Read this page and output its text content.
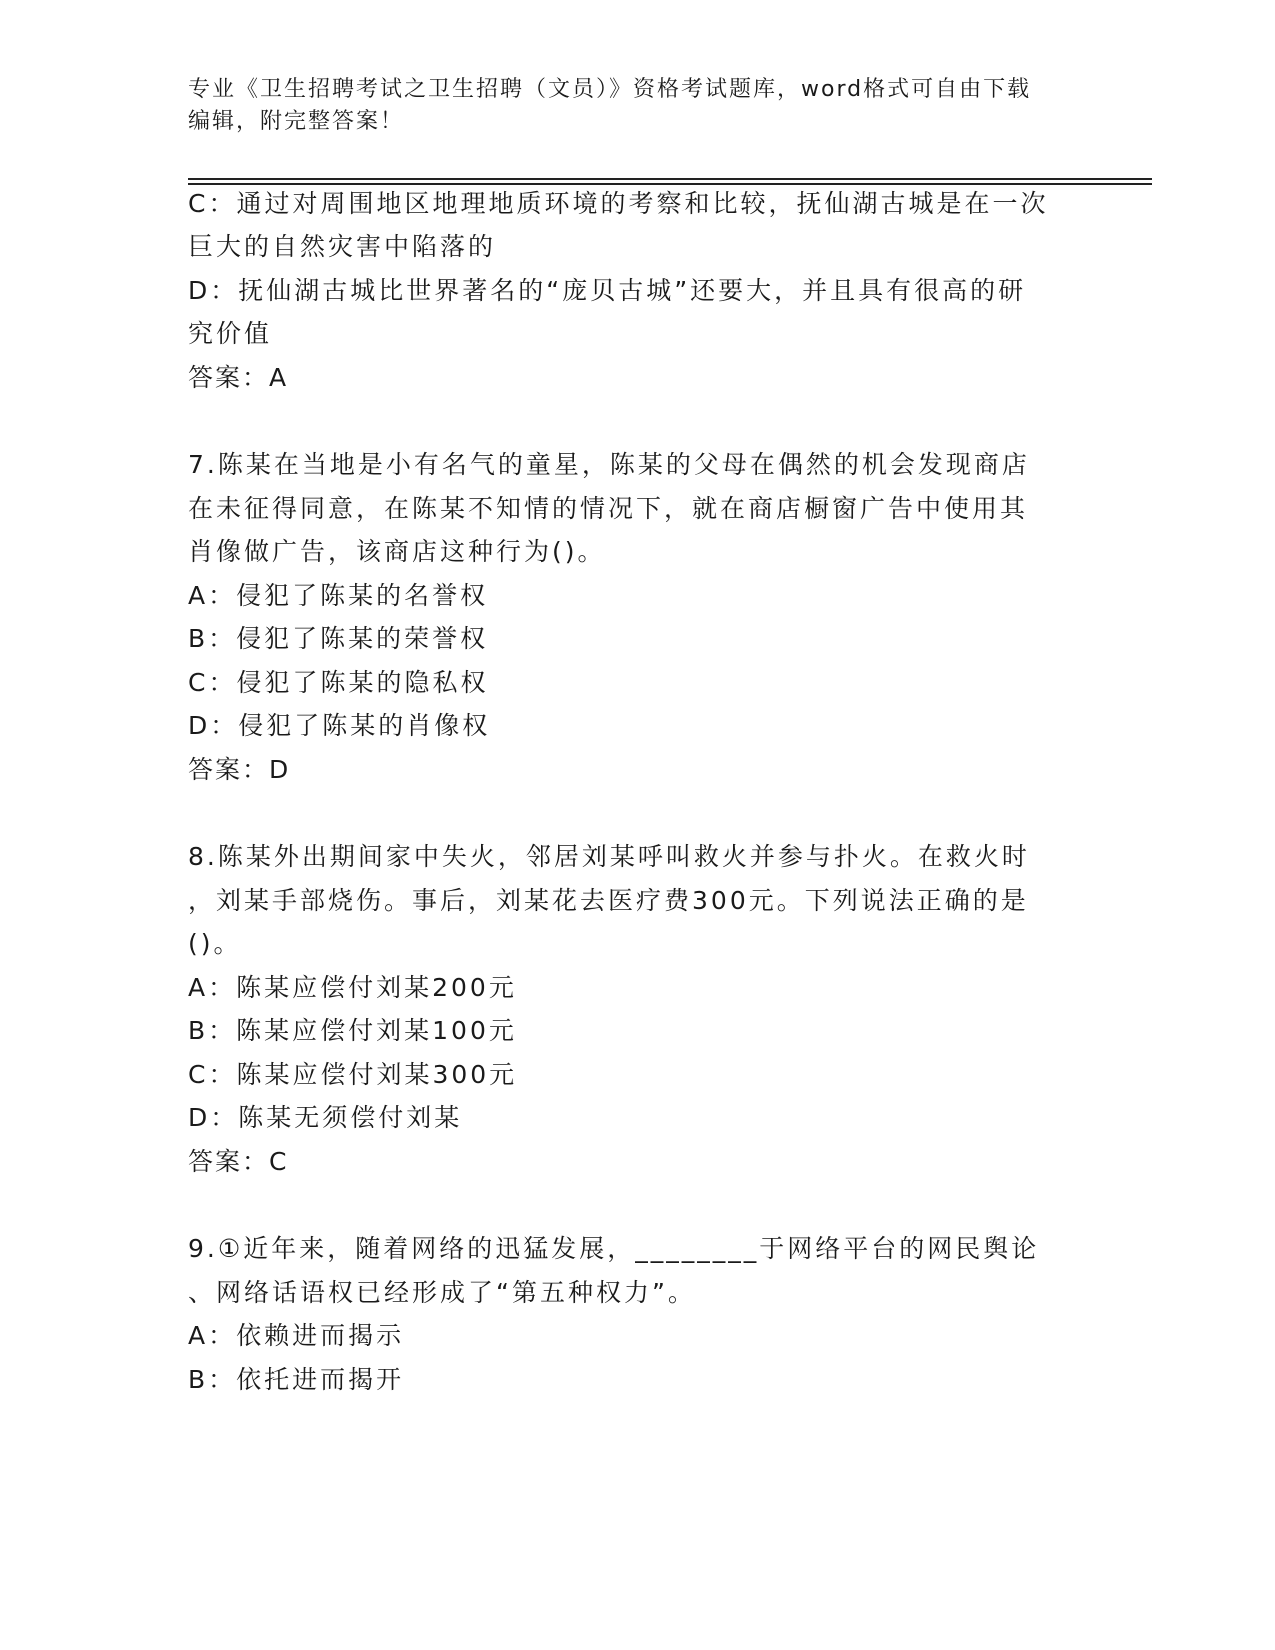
专业《卫生招聘考试之卫生招聘（文员）》资格考试题库，word格式可自由下载
编辑，附完整答案！
C：通过对周围地区地理地质环境的考察和比较，抚仙湖古城是在一次
巨大的自然灾害中陷落的
D：抚仙湖古城比世界著名的“庞贝古城”还要大，并且具有很高的研
究价值
答案：A
7.陈某在当地是小有名气的童星，陈某的父母在偶然的机会发现商店
在未征得同意，在陈某不知情的情况下，就在商店橱窗广告中使用其
肖像做广告，该商店这种行为()。
A：侵犯了陈某的名誉权
B：侵犯了陈某的荣誉权
C：侵犯了陈某的隐私权
D：侵犯了陈某的肖像权
答案：D
8.陈某外出期间家中失火，邻居刘某呼叫救火并参与扑火。在救火时
，刘某手部烧伤。事后，刘某花去医疗费300元。下列说法正确的是
()。
A：陈某应偿付刘某200元
B：陈某应偿付刘某100元
C：陈某应偿付刘某300元
D：陈某无须偿付刘某
答案：C
9.①近年来，随着网络的迅猛发展，________于网络平台的网民舆论
、网络话语权已经形成了“第五种权力”。
A：依赖进而揭示
B：依托进而揭开
